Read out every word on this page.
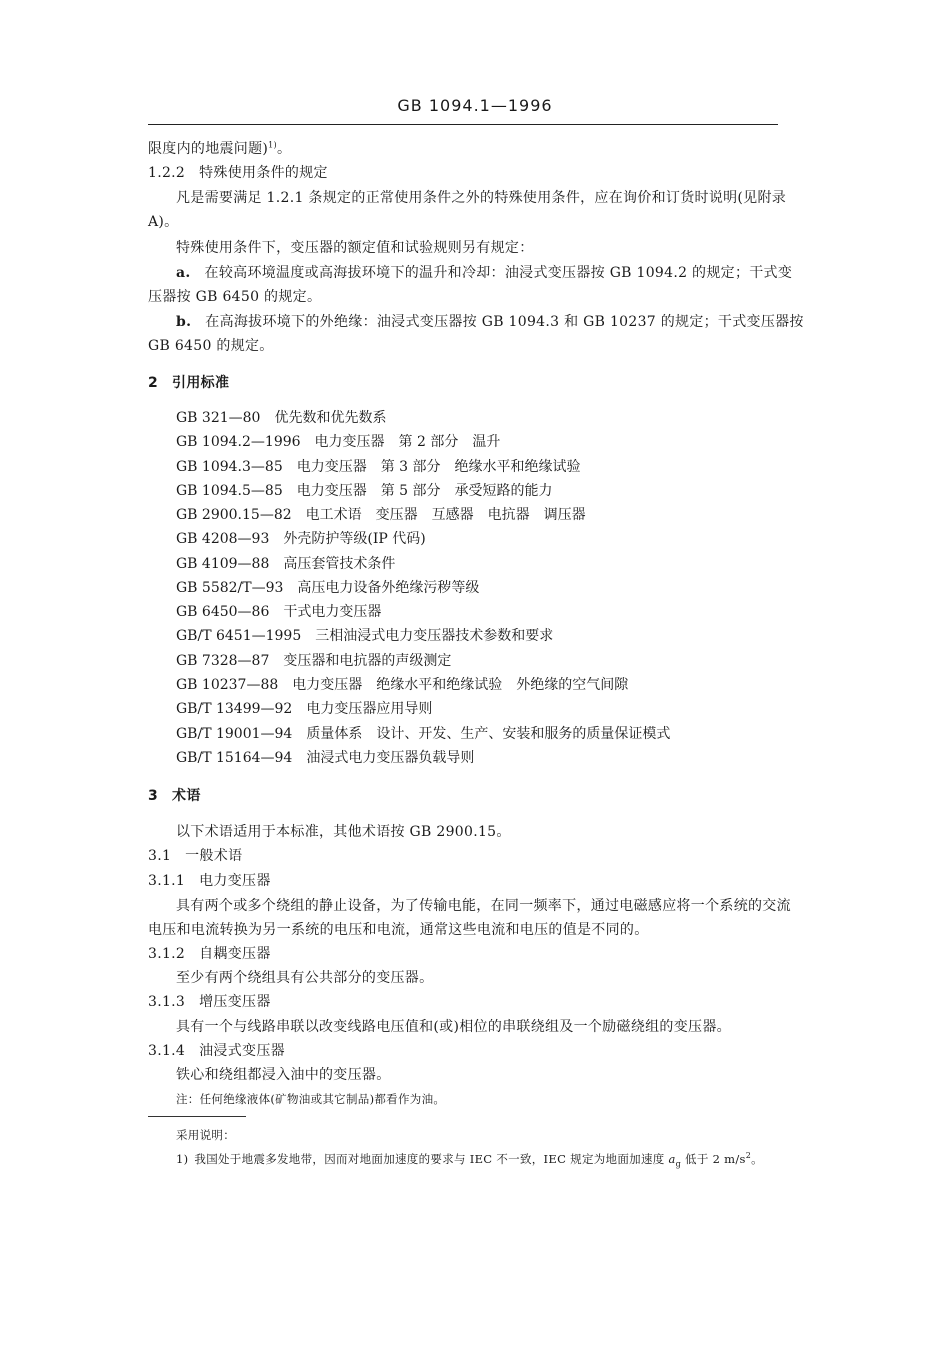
GB 1094.1—1996
限度内的地震问题)$^{1)}$。
1.2.2 特殊使用条件的规定
凡是需要满足 1.2.1 条规定的正常使用条件之外的特殊使用条件，应在询价和订货时说明(见附录
A)。
特殊使用条件下，变压器的额定值和试验规则另有规定：
a. 在较高环境温度或高海拔环境下的温升和冷却：油浸式变压器按 GB 1094.2 的规定；干式变
压器按 GB 6450 的规定。
b. 在高海拔环境下的外绝缘：油浸式变压器按 GB 1094.3 和 GB 10237 的规定；干式变压器按
GB 6450 的规定。
2 引用标准
GB 321—80 优先数和优先数系
GB 1094.2—1996 电力变压器　第 2 部分　温升
GB 1094.3—85 电力变压器　第 3 部分　绝缘水平和绝缘试验
GB 1094.5—85 电力变压器　第 5 部分　承受短路的能力
GB 2900.15—82 电工术语　变压器　互感器　电抗器　调压器
GB 4208—93 外壳防护等级(IP 代码)
GB 4109—88 高压套管技术条件
GB 5582/T—93 高压电力设备外绝缘污秽等级
GB 6450—86 干式电力变压器
GB/T 6451—1995 三相油浸式电力变压器技术参数和要求
GB 7328—87 变压器和电抗器的声级测定
GB 10237—88 电力变压器　绝缘水平和绝缘试验　外绝缘的空气间隙
GB/T 13499—92 电力变压器应用导则
GB/T 19001—94 质量体系　设计、开发、生产、安装和服务的质量保证模式
GB/T 15164—94 油浸式电力变压器负载导则
3 术语
以下术语适用于本标准，其他术语按 GB 2900.15。
3.1 一般术语
3.1.1 电力变压器
具有两个或多个绕组的静止设备，为了传输电能，在同一频率下，通过电磁感应将一个系统的交流
电压和电流转换为另一系统的电压和电流，通常这些电流和电压的值是不同的。
3.1.2 自耦变压器
至少有两个绕组具有公共部分的变压器。
3.1.3 增压变压器
具有一个与线路串联以改变线路电压值和(或)相位的串联绕组及一个励磁绕组的变压器。
3.1.4 油浸式变压器
铁心和绕组都浸入油中的变压器。
注：任何绝缘液体(矿物油或其它制品)都看作为油。
采用说明：
1) 我国处于地震多发地带，因而对地面加速度的要求与 IEC 不一致，IEC 规定为地面加速度 $a_g$ 低于 2 $m/s^2$。
